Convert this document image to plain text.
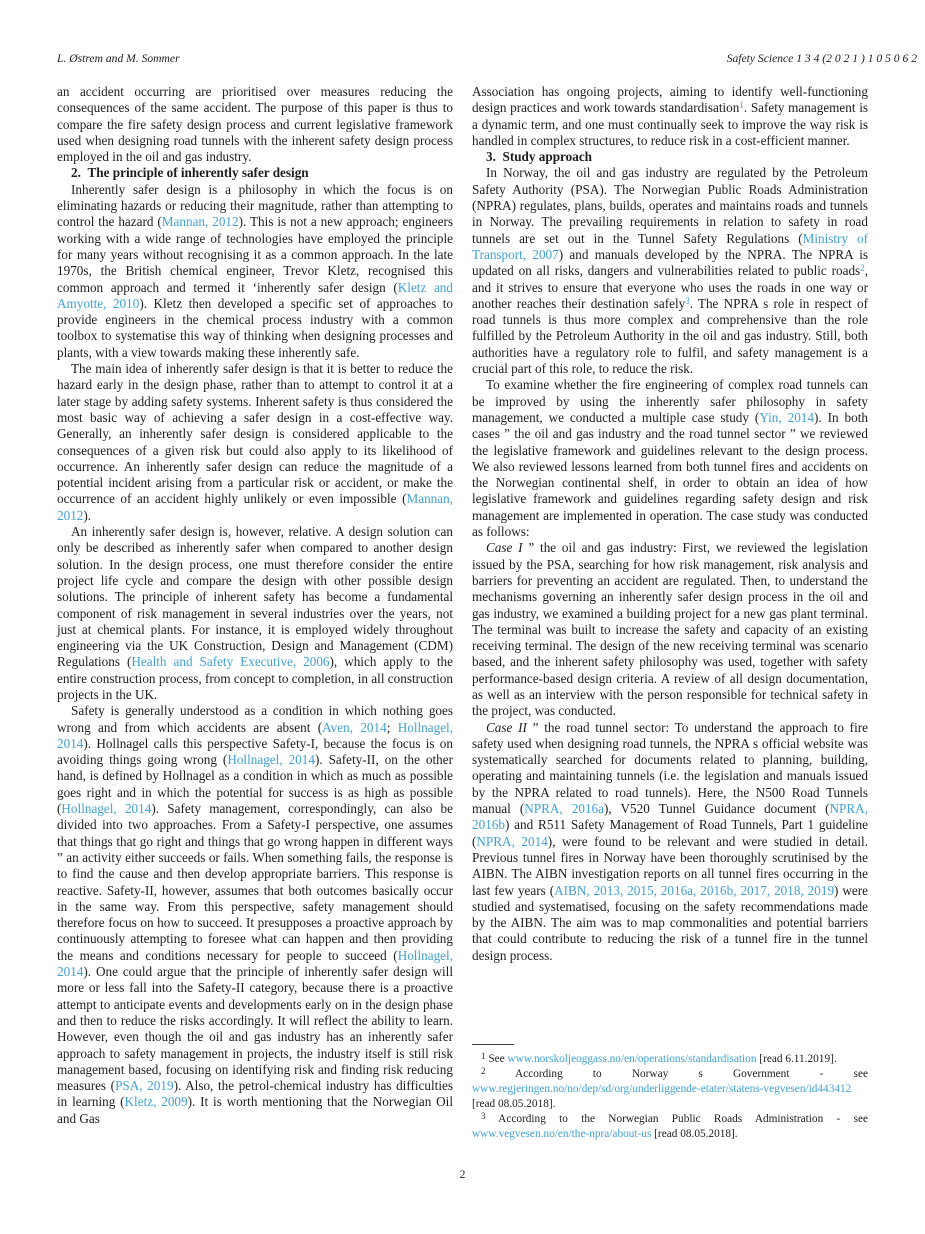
L. Østrem and M. Sommer	Safety Science 1 3 4 (2 0 2 1 ) 1 0 5 0 6 2

an accident occurring are prioritised over measures reducing the consequences of the same accident. The purpose of this paper is thus to compare the fire safety design process and current legislative framework used when designing road tunnels with the inherent safety design process employed in the oil and gas industry.

2. The principle of inherently safer design

Inherently safer design is a philosophy in which the focus is on eliminating hazards or reducing their magnitude, rather than attempting to control the hazard (Mannan, 2012). This is not a new approach; engineers working with a wide range of technologies have employed the principle for many years without recognising it as a common approach. In the late 1970s, the British chemical engineer, Trevor Kletz, recognised this common approach and termed it ‘inherently safer design (Kletz and Amyotte, 2010). Kletz then developed a specific set of approaches to provide engineers in the chemical process industry with a common toolbox to systematise this way of thinking when designing processes and plants, with a view towards making these inherently safe.

The main idea of inherently safer design is that it is better to reduce the hazard early in the design phase, rather than to attempt to control it at a later stage by adding safety systems. Inherent safety is thus considered the most basic way of achieving a safer design in a cost-effective way. Generally, an inherently safer design is considered applicable to the consequences of a given risk but could also apply to its likelihood of occurrence. An inherently safer design can reduce the magnitude of a potential incident arising from a particular risk or accident, or make the occurrence of an accident highly unlikely or even impossible (Mannan, 2012).

An inherently safer design is, however, relative. A design solution can only be described as inherently safer when compared to another design solution. In the design process, one must therefore consider the entire project life cycle and compare the design with other possible design solutions. The principle of inherent safety has become a fundamental component of risk management in several industries over the years, not just at chemical plants. For instance, it is employed widely throughout engineering via the UK Construction, Design and Management (CDM) Regulations (Health and Safety Executive, 2006), which apply to the entire construction process, from concept to completion, in all construction projects in the UK.

Safety is generally understood as a condition in which nothing goes wrong and from which accidents are absent (Aven, 2014; Hollnagel, 2014). Hollnagel calls this perspective Safety-I, because the focus is on avoiding things going wrong (Hollnagel, 2014). Safety-II, on the other hand, is defined by Hollnagel as a condition in which as much as possible goes right and in which the potential for success is as high as possible (Hollnagel, 2014). Safety management, correspondingly, can also be divided into two approaches. From a Safety-I perspective, one assumes that things that go right and things that go wrong happen in different ways ” an activity either succeeds or fails. When something fails, the response is to find the cause and then develop appropriate barriers. This response is reactive. Safety-II, however, assumes that both outcomes basically occur in the same way. From this perspective, safety management should therefore focus on how to succeed. It presupposes a proactive approach by continuously attempting to foresee what can happen and then providing the means and conditions necessary for people to succeed (Hollnagel, 2014). One could argue that the principle of inherently safer design will more or less fall into the Safety-II category, because there is a proactive attempt to anticipate events and developments early on in the design phase and then to reduce the risks accordingly. It will reflect the ability to learn. However, even though the oil and gas industry has an inherently safer approach to safety management in projects, the industry itself is still risk management based, focusing on identifying risk and finding risk reducing measures (PSA, 2019). Also, the petrol-chemical industry has difficulties in learning (Kletz, 2009). It is worth mentioning that the Norwegian Oil and Gas

Association has ongoing projects, aiming to identify well-functioning design practices and work towards standardisation$^1$. Safety management is a dynamic term, and one must continually seek to improve the way risk is handled in complex structures, to reduce risk in a cost-efficient manner.

3. Study approach

In Norway, the oil and gas industry are regulated by the Petroleum Safety Authority (PSA). The Norwegian Public Roads Administration (NPRA) regulates, plans, builds, operates and maintains roads and tunnels in Norway. The prevailing requirements in relation to safety in road tunnels are set out in the Tunnel Safety Regulations (Ministry of Transport, 2007) and manuals developed by the NPRA. The NPRA is updated on all risks, dangers and vulnerabilities related to public roads$^2$, and it strives to ensure that everyone who uses the roads in one way or another reaches their destination safely$^3$. The NPRA s role in respect of road tunnels is thus more complex and comprehensive than the role fulfilled by the Petroleum Authority in the oil and gas industry. Still, both authorities have a regulatory role to fulfil, and safety management is a crucial part of this role, to reduce the risk.

To examine whether the fire engineering of complex road tunnels can be improved by using the inherently safer philosophy in safety management, we conducted a multiple case study (Yin, 2014). In both cases ” the oil and gas industry and the road tunnel sector ” we reviewed the legislative framework and guidelines relevant to the design process. We also reviewed lessons learned from both tunnel fires and accidents on the Norwegian continental shelf, in order to obtain an idea of how legislative framework and guidelines regarding safety design and risk management are implemented in operation. The case study was conducted as follows:

Case I ” the oil and gas industry: First, we reviewed the legislation issued by the PSA, searching for how risk management, risk analysis and barriers for preventing an accident are regulated. Then, to understand the mechanisms governing an inherently safer design process in the oil and gas industry, we examined a building project for a new gas plant terminal. The terminal was built to increase the safety and capacity of an existing receiving terminal. The design of the new receiving terminal was scenario based, and the inherent safety philosophy was used, together with safety performance-based design criteria. A review of all design documentation, as well as an interview with the person responsible for technical safety in the project, was conducted.

Case II ” the road tunnel sector: To understand the approach to fire safety used when designing road tunnels, the NPRA s official website was systematically searched for documents related to planning, building, operating and maintaining tunnels (i.e. the legislation and manuals issued by the NPRA related to road tunnels). Here, the N500 Road Tunnels manual (NPRA, 2016a), V520 Tunnel Guidance document (NPRA, 2016b) and R511 Safety Management of Road Tunnels, Part 1 guideline (NPRA, 2014), were found to be relevant and were studied in detail. Previous tunnel fires in Norway have been thoroughly scrutinised by the AIBN. The AIBN investigation reports on all tunnel fires occurring in the last few years (AIBN, 2013, 2015, 2016a, 2016b, 2017, 2018, 2019) were studied and systematised, focusing on the safety recommendations made by the AIBN. The aim was to map commonalities and potential barriers that could contribute to reducing the risk of a tunnel fire in the tunnel design process.

$^1$ See www.norskoljeoggass.no/en/operations/standardisation [read 6.11.2019].

$^2$ According to Norway s Government - see www.regjeringen.no/no/dep/sd/org/underliggende-etater/statens-vegvesen/id443412 [read 08.05.2018].

$^3$ According to the Norwegian Public Roads Administration - see www.vegvesen.no/en/the-npra/about-us [read 08.05.2018].

2
